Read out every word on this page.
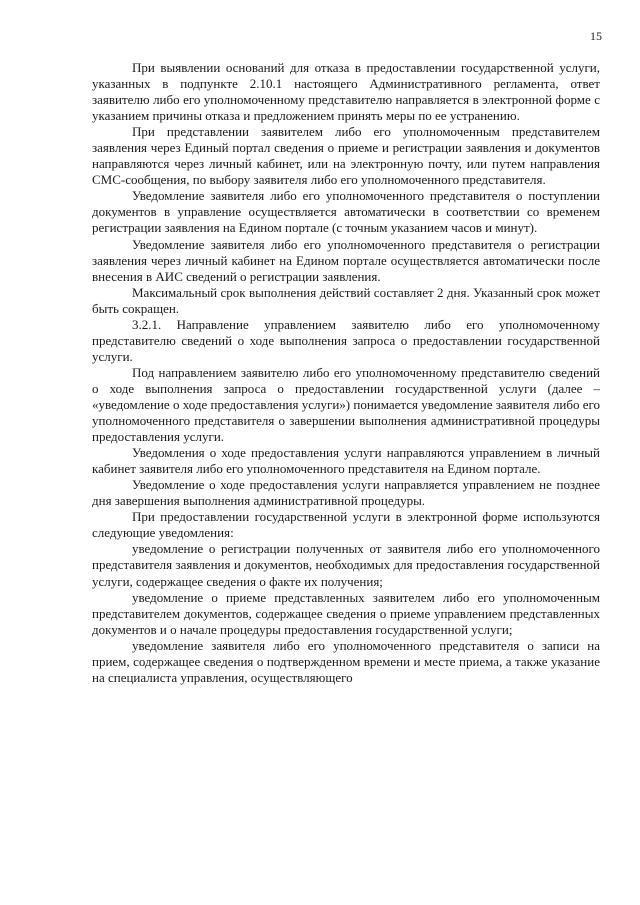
15

При выявлении оснований для отказа в предоставлении государственной услуги, указанных в подпункте 2.10.1 настоящего Административного регламента, ответ заявителю либо его уполномоченному представителю направляется в электронной форме с указанием причины отказа и предложением принять меры по ее устранению.

При представлении заявителем либо его уполномоченным представителем заявления через Единый портал сведения о приеме и регистрации заявления и документов направляются через личный кабинет, или на электронную почту, или путем направления СМС-сообщения, по выбору заявителя либо его уполномоченного представителя.

Уведомление заявителя либо его уполномоченного представителя о поступлении документов в управление осуществляется автоматически в соответствии со временем регистрации заявления на Едином портале (с точным указанием часов и минут).

Уведомление заявителя либо его уполномоченного представителя о регистрации заявления через личный кабинет на Едином портале осуществляется автоматически после внесения в АИС сведений о регистрации заявления.

Максимальный срок выполнения действий составляет 2 дня. Указанный срок может быть сокращен.

3.2.1. Направление управлением заявителю либо его уполномоченному представителю сведений о ходе выполнения запроса о предоставлении государственной услуги.

Под направлением заявителю либо его уполномоченному представителю сведений о ходе выполнения запроса о предоставлении государственной услуги (далее – «уведомление о ходе предоставления услуги») понимается уведомление заявителя либо его уполномоченного представителя о завершении выполнения административной процедуры предоставления услуги.

Уведомления о ходе предоставления услуги направляются управлением в личный кабинет заявителя либо его уполномоченного представителя на Едином портале.

Уведомление о ходе предоставления услуги направляется управлением не позднее дня завершения выполнения административной процедуры.

При предоставлении государственной услуги в электронной форме используются следующие уведомления:

уведомление о регистрации полученных от заявителя либо его уполномоченного представителя заявления и документов, необходимых для предоставления государственной услуги, содержащее сведения о факте их получения;

уведомление о приеме представленных заявителем либо его уполномоченным представителем документов, содержащее сведения о приеме управлением представленных документов и о начале процедуры предоставления государственной услуги;

уведомление заявителя либо его уполномоченного представителя о записи на прием, содержащее сведения о подтвержденном времени и месте приема, а также указание на специалиста управления, осуществляющего
